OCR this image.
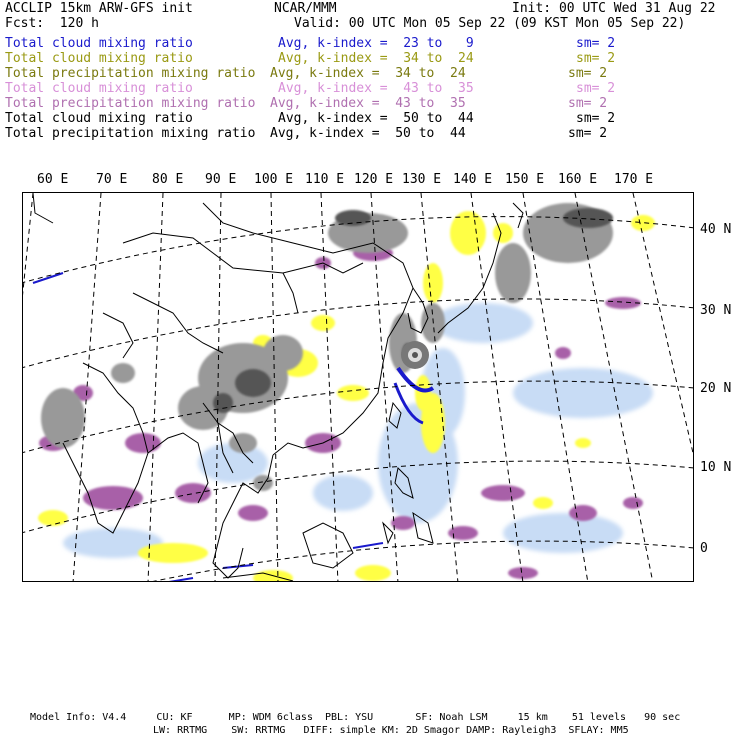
ACCLIP 15km ARW-GFS init	NCAR/MMM	Init: 00 UTC Wed 31 Aug 22
Fcst:  120 h	Valid: 00 UTC Mon 05 Sep 22 (09 KST Mon 05 Sep 22)
Total cloud mixing ratio	Avg, k-index =  23 to   9	sm= 2
Total cloud mixing ratio	Avg, k-index =  34 to  24	sm= 2
Total precipitation mixing ratio Avg, k-index =  34 to  24	sm= 2
Total cloud mixing ratio	Avg, k-index =  43 to  35	sm= 2
Total precipitation mixing ratio Avg, k-index =  43 to  35	sm= 2
Total cloud mixing ratio	Avg, k-index =  50 to  44	sm= 2
Total precipitation mixing ratio Avg, k-index =  50 to  44	sm= 2
60 E 70 E 80 E 90 E 100 E 110 E 120 E 130 E 140 E 150 E 160 E 170 E
40 N
30 N
20 N
10 N
0
Model Info: V4.4     CU: KF      MP: WDM 6class  PBL: YSU       SF: Noah LSM     15 km    51 levels   90 sec
LW: RRTMG    SW: RRTMG   DIFF: simple KM: 2D Smagor DAMP: Rayleigh3  SFLAY: MM5
